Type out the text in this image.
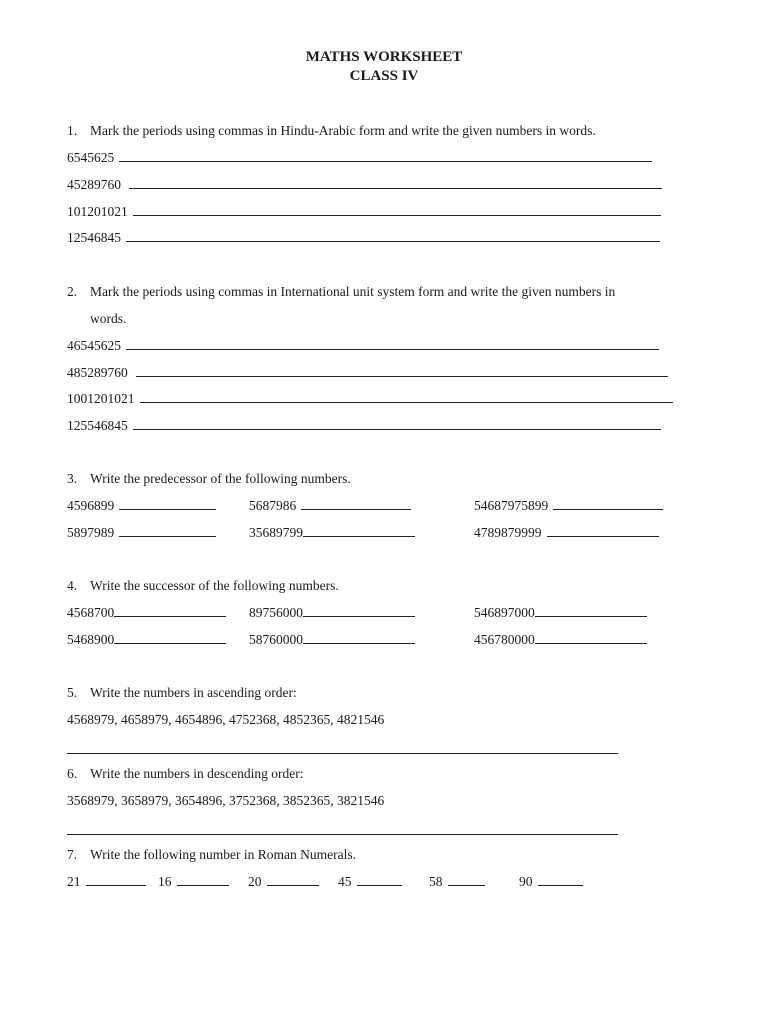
MATHS WORKSHEET
CLASS IV
1. Mark the periods using commas in Hindu-Arabic form and write the given numbers in words.
6545625
45289760
101201021
12546845
2. Mark the periods using commas in International unit system form and write the given numbers in
words.
46545625
485289760
1001201021
125546845
3. Write the predecessor of the following numbers.
4596899	5687986	54687975899
5897989	35689799	4789879999
4. Write the successor of the following numbers.
4568700	89756000	546897000
5468900	58760000	456780000
5. Write the numbers in ascending order:
4568979, 4658979, 4654896, 4752368, 4852365, 4821546
6. Write the numbers in descending order:
3568979, 3658979, 3654896, 3752368, 3852365, 3821546
7. Write the following number in Roman Numerals.
21	16	20	45	58	90
